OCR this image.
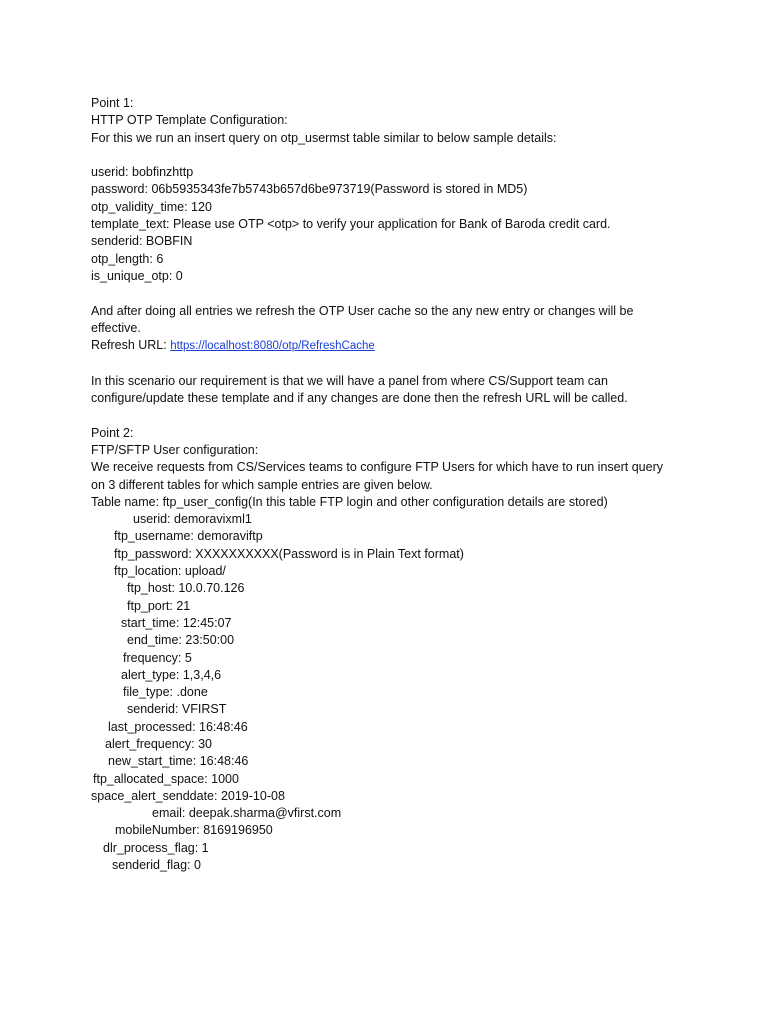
Point 1:
HTTP OTP Template Configuration:
For this we run an insert query on otp_usermst table similar to below sample details:
userid: bobfinzhttp
password: 06b5935343fe7b5743b657d6be973719(Password is stored in MD5)
otp_validity_time: 120
template_text: Please use OTP <otp> to verify your application for Bank of Baroda credit card.
senderid: BOBFIN
otp_length: 6
is_unique_otp: 0
And after doing all entries we refresh the OTP User cache so the any new entry or changes will be
effective.
Refresh URL: https://localhost:8080/otp/RefreshCache
In this scenario our requirement is that we will have a panel from where CS/Support team can
configure/update these template and if any changes are done then the refresh URL will be called.
Point 2:
FTP/SFTP User configuration:
We receive requests from CS/Services teams to configure FTP Users for which have to run insert query
on 3 different tables for which sample entries are given below.
Table name: ftp_user_config(In this table FTP login and other configuration details are stored)
userid: demoravixml1
ftp_username: demoraviftp
ftp_password: XXXXXXXXXX(Password is in Plain Text format)
ftp_location: upload/
ftp_host: 10.0.70.126
ftp_port: 21
start_time: 12:45:07
end_time: 23:50:00
frequency: 5
alert_type: 1,3,4,6
file_type: .done
senderid: VFIRST
last_processed: 16:48:46
alert_frequency: 30
new_start_time: 16:48:46
ftp_allocated_space: 1000
space_alert_senddate: 2019-10-08
email: deepak.sharma@vfirst.com
mobileNumber: 8169196950
dlr_process_flag: 1
senderid_flag: 0
